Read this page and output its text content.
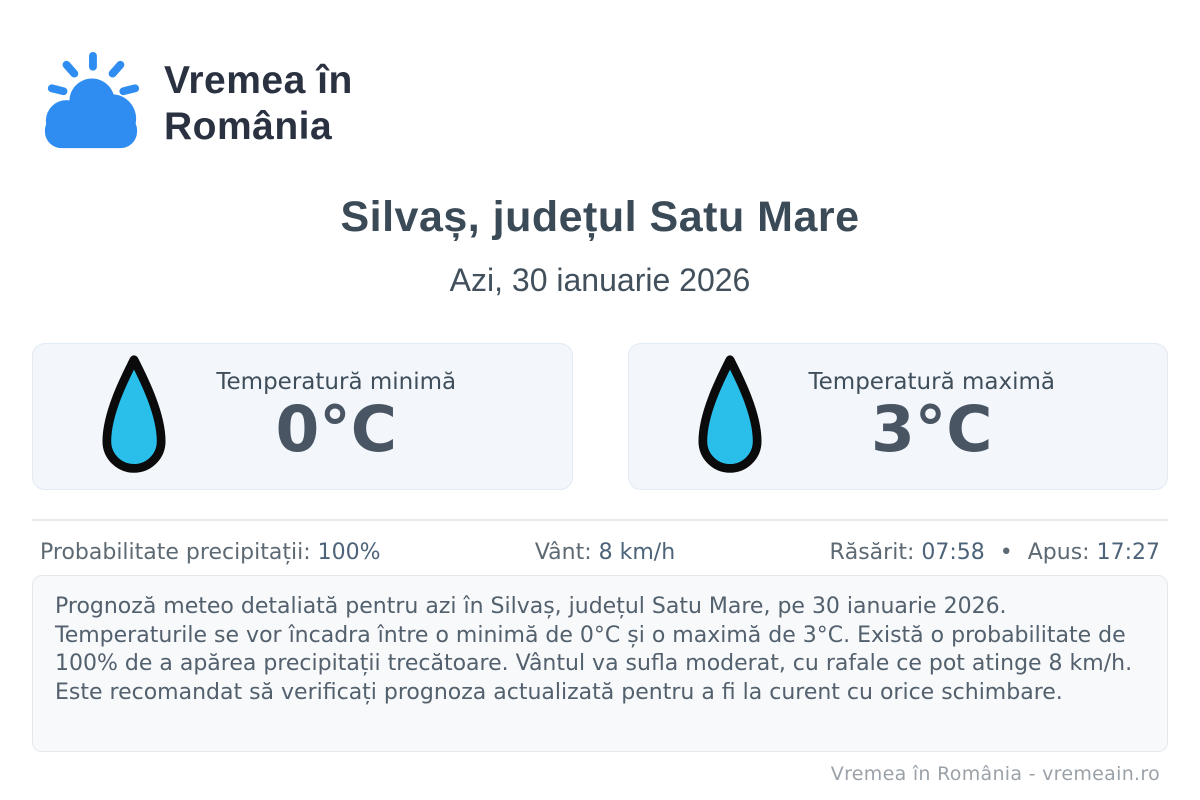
Vremea în
România
Silvaș, județul Satu Mare
Azi, 30 ianuarie 2026
Temperatură minimă
0°C
Temperatură maximă
3°C
Probabilitate precipitații: 100%	Vânt: 8 km/h	Răsărit: 07:58 • Apus: 17:27
Prognoză meteo detaliată pentru azi în Silvaș, județul Satu Mare, pe 30 ianuarie 2026. Temperaturile se vor încadra între o minimă de 0°C și o maximă de 3°C. Există o probabilitate de 100% de a apărea precipitații trecătoare. Vântul va sufla moderat, cu rafale ce pot atinge 8 km/h. Este recomandat să verificați prognoza actualizată pentru a fi la curent cu orice schimbare.
Vremea în România - vremeain.ro
